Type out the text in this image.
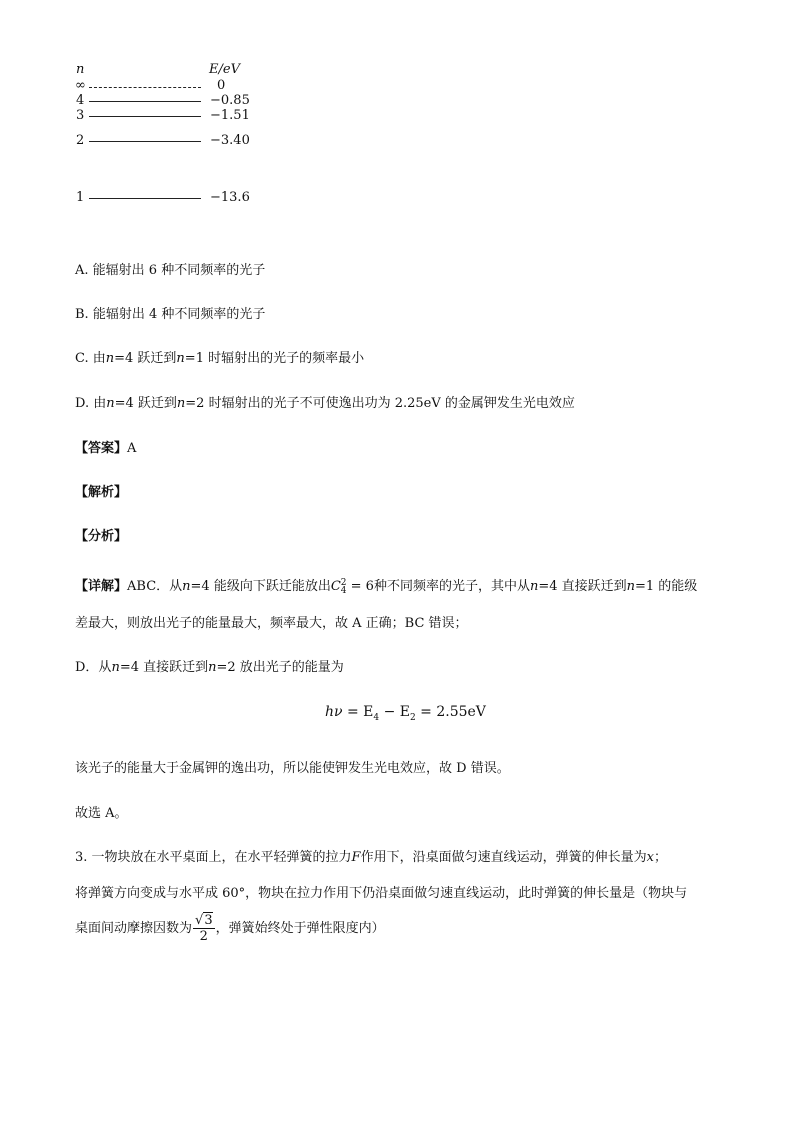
n	E/eV
∞	0
4	−0.85
3	−1.51
2	−3.40
1	−13.6
A. 能辐射出 6 种不同频率的光子
B. 能辐射出 4 种不同频率的光子
C. 由n=4 跃迁到n=1 时辐射出的光子的频率最小
D. 由n=4 跃迁到n=2 时辐射出的光子不可使逸出功为 2.25eV 的金属钾发生光电效应
【答案】A
【解析】
【分析】
【详解】ABC．从n=4 能级向下跃迁能放出C 2
4 = 6种不同频率的光子，其中从n=4 直接跃迁到n=1 的能级
差最大，则放出光子的能量最大，频率最大，故 A 正确；BC 错误；
D．从n=4 直接跃迁到n=2 放出光子的能量为
$h\nu = E_4 - E_2 = 2.55eV$
该光子的能量大于金属钾的逸出功，所以能使钾发生光电效应，故 D 错误。
故选 A。
3. 一物块放在水平桌面上，在水平轻弹簧的拉力F作用下，沿桌面做匀速直线运动，弹簧的伸长量为x；
将弹簧方向变成与水平成 60°，物块在拉力作用下仍沿桌面做匀速直线运动，此时弹簧的伸长量是（物块与
桌面间动摩擦因数为 $\frac{√3}{2}$ ，弹簧始终处于弹性限度内）
